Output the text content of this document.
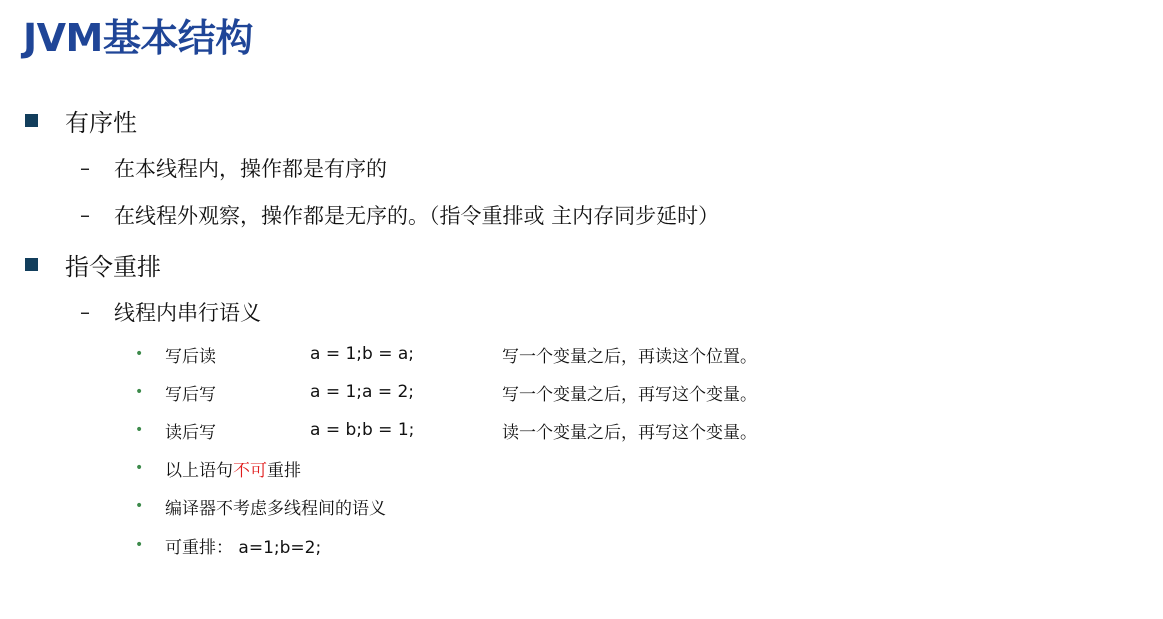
JVM基本结构
有序性
–	在本线程内，操作都是有序的
–	在线程外观察，操作都是无序的。（指令重排或 主内存同步延时）
指令重排
–	线程内串行语义
•	写后读	a = 1;b = a;	写一个变量之后，再读这个位置。
•	写后写	a = 1;a = 2;	写一个变量之后，再写这个变量。
•	读后写	a = b;b = 1;	读一个变量之后，再写这个变量。
•	以上语句 不可 重排
•	编译器不考虑多线程间的语义
•	可重排： a=1;b=2;
